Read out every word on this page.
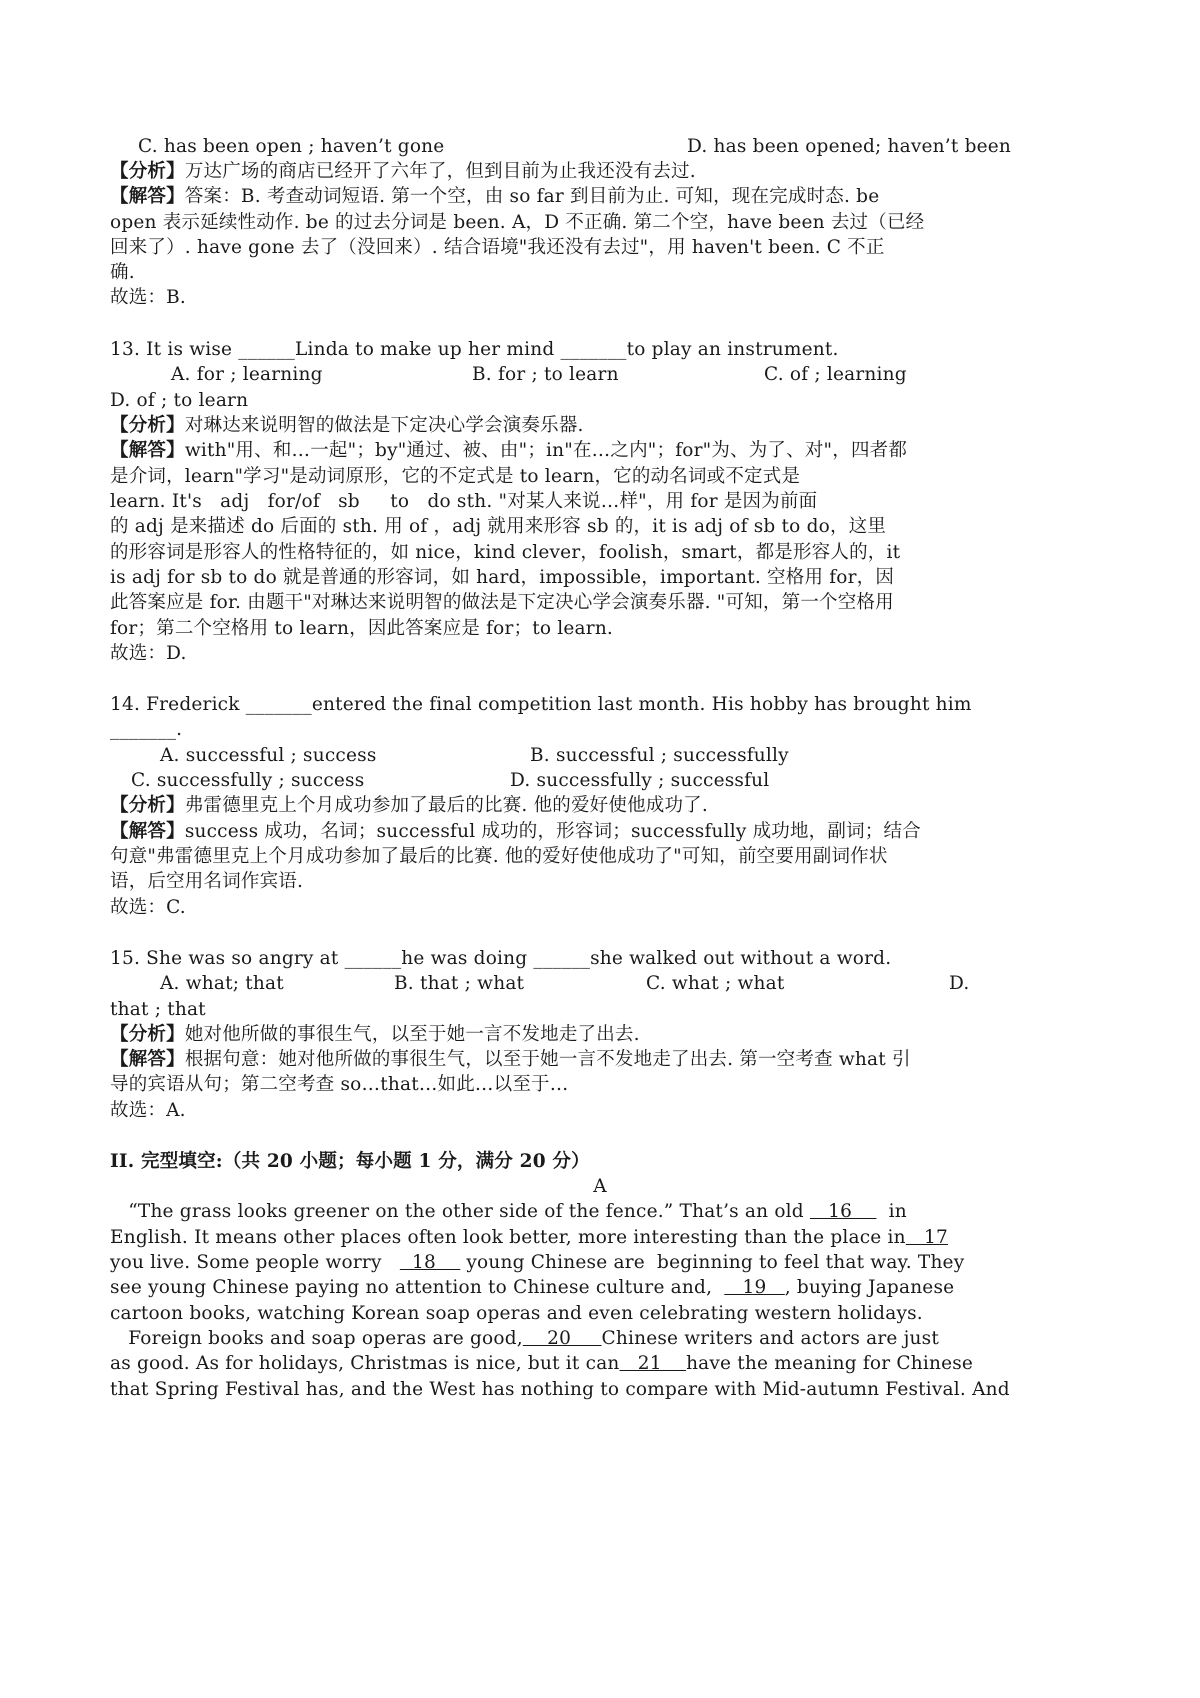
C. has been open ; haven’t gone	D. has been opened; haven’t been
【分析】万达广场的商店已经开了六年了，但到目前为止我还没有去过.
【解答】答案：B. 考查动词短语. 第一个空，由 so far 到目前为止. 可知，现在完成时态. be
open 表示延续性动作. be 的过去分词是 been. A，D 不正确. 第二个空，have been 去过（已经
回来了）. have gone 去了（没回来）. 结合语境"我还没有去过"，用 haven't been. C 不正
确.
故选：B.
13. It is wise ______Linda to make up her mind _______to play an instrument.
A. for ; learning	B. for ; to learn	C. of ; learning
D. of ; to learn
【分析】对琳达来说明智的做法是下定决心学会演奏乐器.
【解答】with"用、和…一起"；by"通过、被、由"；in"在…之内"；for"为、为了、对"，四者都
是介词，learn"学习"是动词原形，它的不定式是 to learn，它的动名词或不定式是
learn. It's   adj   for/of   sb     to   do sth. "对某人来说…样"，用 for 是因为前面
的 adj 是来描述 do 后面的 sth. 用 of ，adj 就用来形容 sb 的，it is adj of sb to do，这里
的形容词是形容人的性格特征的，如 nice，kind clever，foolish，smart，都是形容人的，it
is adj for sb to do 就是普通的形容词，如 hard，impossible，important. 空格用 for，因
此答案应是 for. 由题干"对琳达来说明智的做法是下定决心学会演奏乐器. "可知，第一个空格用
for；第二个空格用 to learn，因此答案应是 for；to learn.
故选：D.
14. Frederick _______entered the final competition last month. His hobby has brought him
_______.
A. successful ; success	B. successful ; successfully
C. successfully ; success	D. successfully ; successful
【分析】弗雷德里克上个月成功参加了最后的比赛. 他的爱好使他成功了.
【解答】success 成功，名词；successful 成功的，形容词；successfully 成功地，副词；结合
句意"弗雷德里克上个月成功参加了最后的比赛. 他的爱好使他成功了"可知，前空要用副词作状
语，后空用名词作宾语.
故选：C.
15. She was so angry at ______he was doing ______she walked out without a word.
A. what; that	B. that ; what	C. what ; what	D.
that ; that
【分析】她对他所做的事很生气，以至于她一言不发地走了出去.
【解答】根据句意：她对他所做的事很生气，以至于她一言不发地走了出去. 第一空考查 what 引
导的宾语从句；第二空考查 so…that…如此…以至于…
故选：A.
II. 完型填空:（共 20 小题；每小题 1 分，满分 20 分）
A
“The grass looks greener on the other side of the fence.” That’s an old    16      in
English. It means other places often look better, more interesting than the place in   17
you live. Some people worry     18     young Chinese are  beginning to feel that way. They
see young Chinese paying no attention to Chinese culture and,     19   , buying Japanese
cartoon books, watching Korean soap operas and even celebrating western holidays.
Foreign books and soap operas are good,    20     Chinese writers and actors are just
as good. As for holidays, Christmas is nice, but it can   21    have the meaning for Chinese
that Spring Festival has, and the West has nothing to compare with Mid-autumn Festival. And
